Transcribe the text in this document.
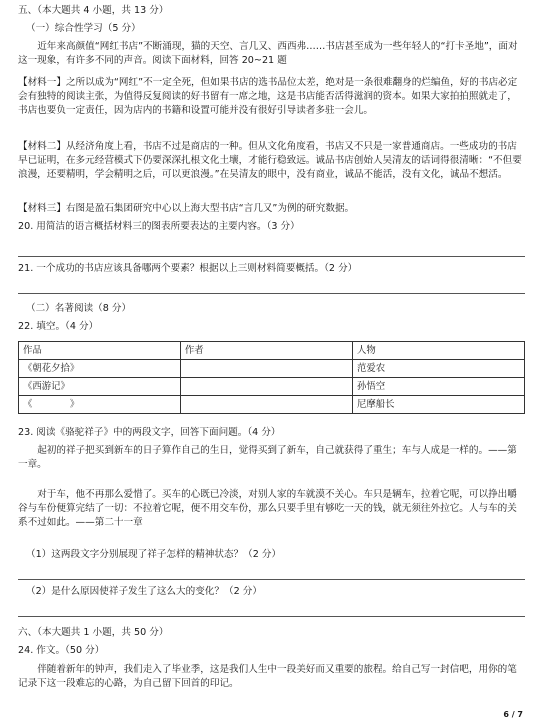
五、（本大题共 4 小题，共 13 分）
（一）综合性学习（5 分）
近年来高颜值“网红书店”不断涌现，猫的天空、言几又、西西弗……书店甚至成为一些年轻人的“打卡圣地”，面对这一现象，有许多不同的声音。阅读下面材料，回答 20~21 题
【材料一】之所以成为“网红”不一定全死，但如果书店的选书品位太差，绝对是一条很难翻身的烂编鱼，好的书店必定会有独特的阅读主张，为值得反复阅读的好书留有一席之地，这是书店能否活得滋润的资本。如果大家拍拍照就走了，书店也要负一定责任，因为店内的书籍和设置可能并没有很好引导读者多驻一会儿。
【材料二】从经济角度上看，书店不过是商店的一种。但从文化角度看，书店又不只是一家普通商店。一些成功的书店早已证明，在多元经营模式下仍要深深扎根文化土壤，才能行稳致远。诚品书店创始人吴清友的话词得很清晰：“不但要浪漫，还要精明，学会精明之后，可以更浪漫。”在吴清友的眼中，没有商业，诚品不能活，没有文化，诚品不想活。
【材料三】右图是盈石集团研究中心以上海大型书店“言几又”为例的研究数据。
20. 用简洁的语言概括材料三的图表所要表达的主要内容。（3 分）
21. 一个成功的书店应该具备哪两个要素？根据以上三则材料简要概括。（2 分）
（二）名著阅读（8 分）
22. 填空。（4 分）
作品	作者	人物
《朝花夕拾》		范爱农
《西游记》		孙悟空
《　　　　》		尼摩船长
23. 阅读《骆驼祥子》中的两段文字，回答下面问题。（4 分）
起初的祥子把买到新车的日子算作自己的生日，觉得买到了新车，自己就获得了重生；车与人成是一样的。——第一章。
对于车，他不再那么爱惜了。买车的心既已冷淡，对别人家的车就漠不关心。车只是辆车，拉着它呢，可以挣出嚼谷与车份便算完结了一切：不拉着它呢，便不用交车份，那么只要手里有够吃一天的钱，就无须往外拉它。人与车的关系不过如此。——第二十一章
（1）这两段文字分别展现了祥子怎样的精神状态？（2 分）
（2）是什么原因使祥子发生了这么大的变化？（2 分）
六、（本大题共 1 小题，共 50 分）
24. 作文。（50 分）
伴随着新年的钟声，我们走入了毕业季，这是我们人生中一段美好而又重要的旅程。给自己写一封信吧，用你的笔记录下这一段难忘的心路，为自己留下回首的印记。
6 / 7
